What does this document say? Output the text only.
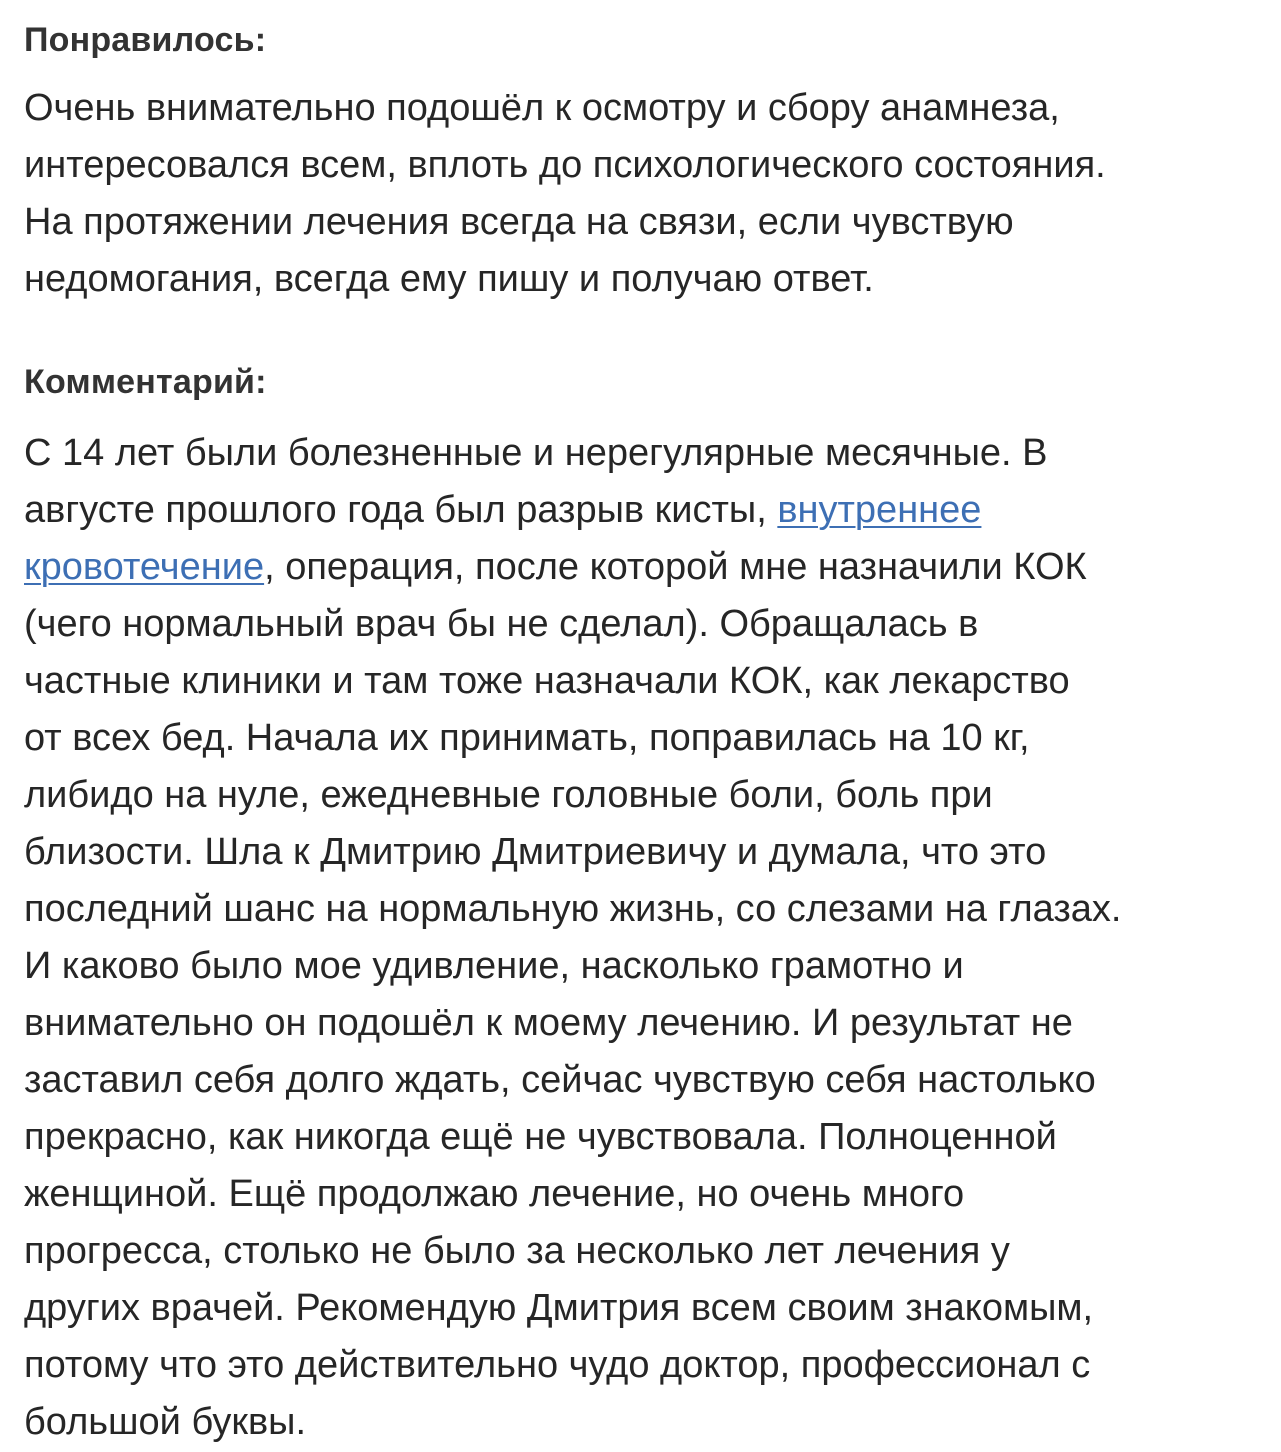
Понравилось:

Очень внимательно подошёл к осмотру и сбору анамнеза,
интересовался всем, вплоть до психологического состояния.
На протяжении лечения всегда на связи, если чувствую
недомогания, всегда ему пишу и получаю ответ.

Комментарий:

С 14 лет были болезненные и нерегулярные месячные. В
августе прошлого года был разрыв кисты, внутреннее
кровотечение, операция, после которой мне назначили КОК
(чего нормальный врач бы не сделал). Обращалась в
частные клиники и там тоже назначали КОК, как лекарство
от всех бед. Начала их принимать, поправилась на 10 кг,
либидо на нуле, ежедневные головные боли, боль при
близости. Шла к Дмитрию Дмитриевичу и думала, что это
последний шанс на нормальную жизнь, со слезами на глазах.
И каково было мое удивление, насколько грамотно и
внимательно он подошёл к моему лечению. И результат не
заставил себя долго ждать, сейчас чувствую себя настолько
прекрасно, как никогда ещё не чувствовала. Полноценной
женщиной. Ещё продолжаю лечение, но очень много
прогресса, столько не было за несколько лет лечения у
других врачей. Рекомендую Дмитрия всем своим знакомым,
потому что это действительно чудо доктор, профессионал с
большой буквы.
